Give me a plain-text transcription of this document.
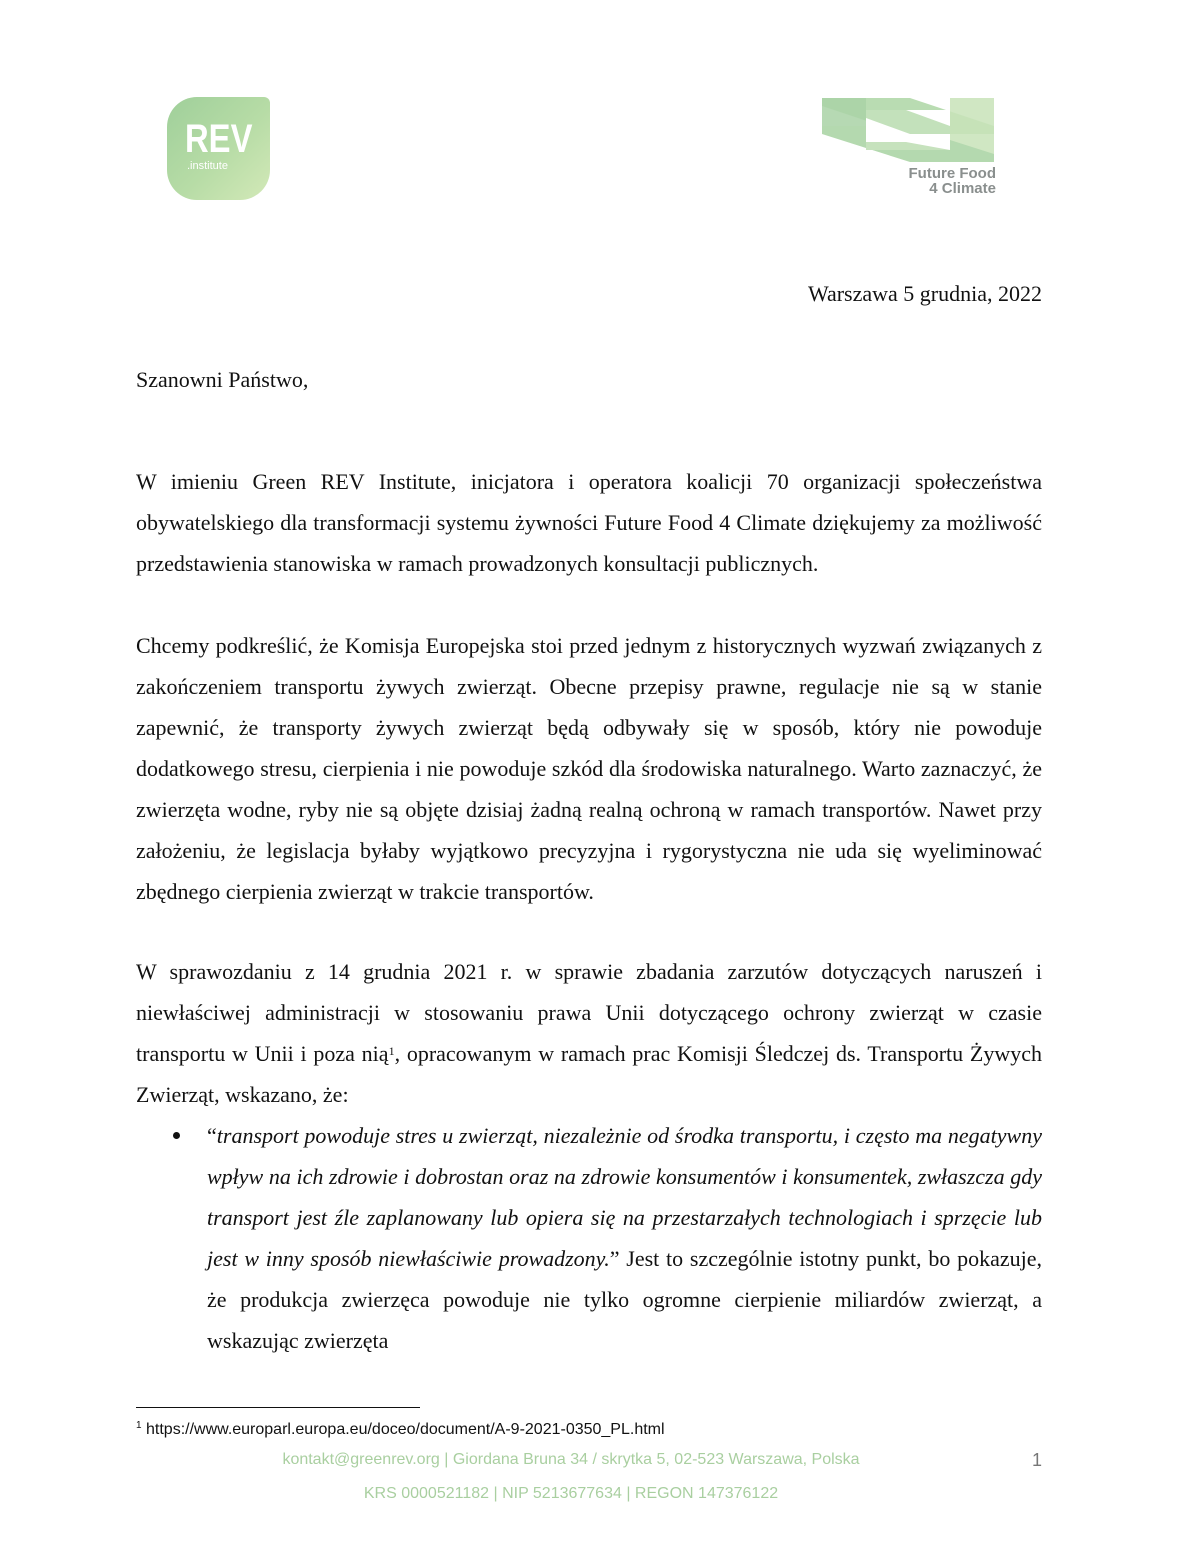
REV
.institute	Future Food
4 Climate
Warszawa 5 grudnia, 2022
Szanowni Państwo,
W imieniu Green REV Institute, inicjatora i operatora koalicji 70 organizacji społeczeństwa obywatelskiego dla transformacji systemu żywności Future Food 4 Climate dziękujemy za możliwość przedstawienia stanowiska w ramach prowadzonych konsultacji publicznych.
Chcemy podkreślić, że Komisja Europejska stoi przed jednym z historycznych wyzwań związanych z zakończeniem transportu żywych zwierząt. Obecne przepisy prawne, regulacje nie są w stanie zapewnić, że transporty żywych zwierząt będą odbywały się w sposób, który nie powoduje dodatkowego stresu, cierpienia i nie powoduje szkód dla środowiska naturalnego. Warto zaznaczyć, że zwierzęta wodne, ryby nie są objęte dzisiaj żadną realną ochroną w ramach transportów. Nawet przy założeniu, że legislacja byłaby wyjątkowo precyzyjna i rygorystyczna nie uda się wyeliminować zbędnego cierpienia zwierząt w trakcie transportów.
W sprawozdaniu z 14 grudnia 2021 r. w sprawie zbadania zarzutów dotyczących naruszeń i niewłaściwej administracji w stosowaniu prawa Unii dotyczącego ochrony zwierząt w czasie transportu w Unii i poza nią$^1$, opracowanym w ramach prac Komisji Śledczej ds. Transportu Żywych Zwierząt, wskazano, że:
“transport powoduje stres u zwierząt, niezależnie od środka transportu, i często ma negatywny wpływ na ich zdrowie i dobrostan oraz na zdrowie konsumentów i konsumentek, zwłaszcza gdy transport jest źle zaplanowany lub opiera się na przestarzałych technologiach i sprzęcie lub jest w inny sposób niewłaściwie prowadzony.” Jest to szczególnie istotny punkt, bo pokazuje, że produkcja zwierzęca powoduje nie tylko ogromne cierpienie miliardów zwierząt, a wskazując zwierzęta
$^1$ https://www.europarl.europa.eu/doceo/document/A-9-2021-0350_PL.html
kontakt@greenrev.org | Giordana Bruna 34 / skrytka 5, 02-523 Warszawa, Polska
KRS 0000521182 | NIP 5213677634 | REGON 147376122
1
